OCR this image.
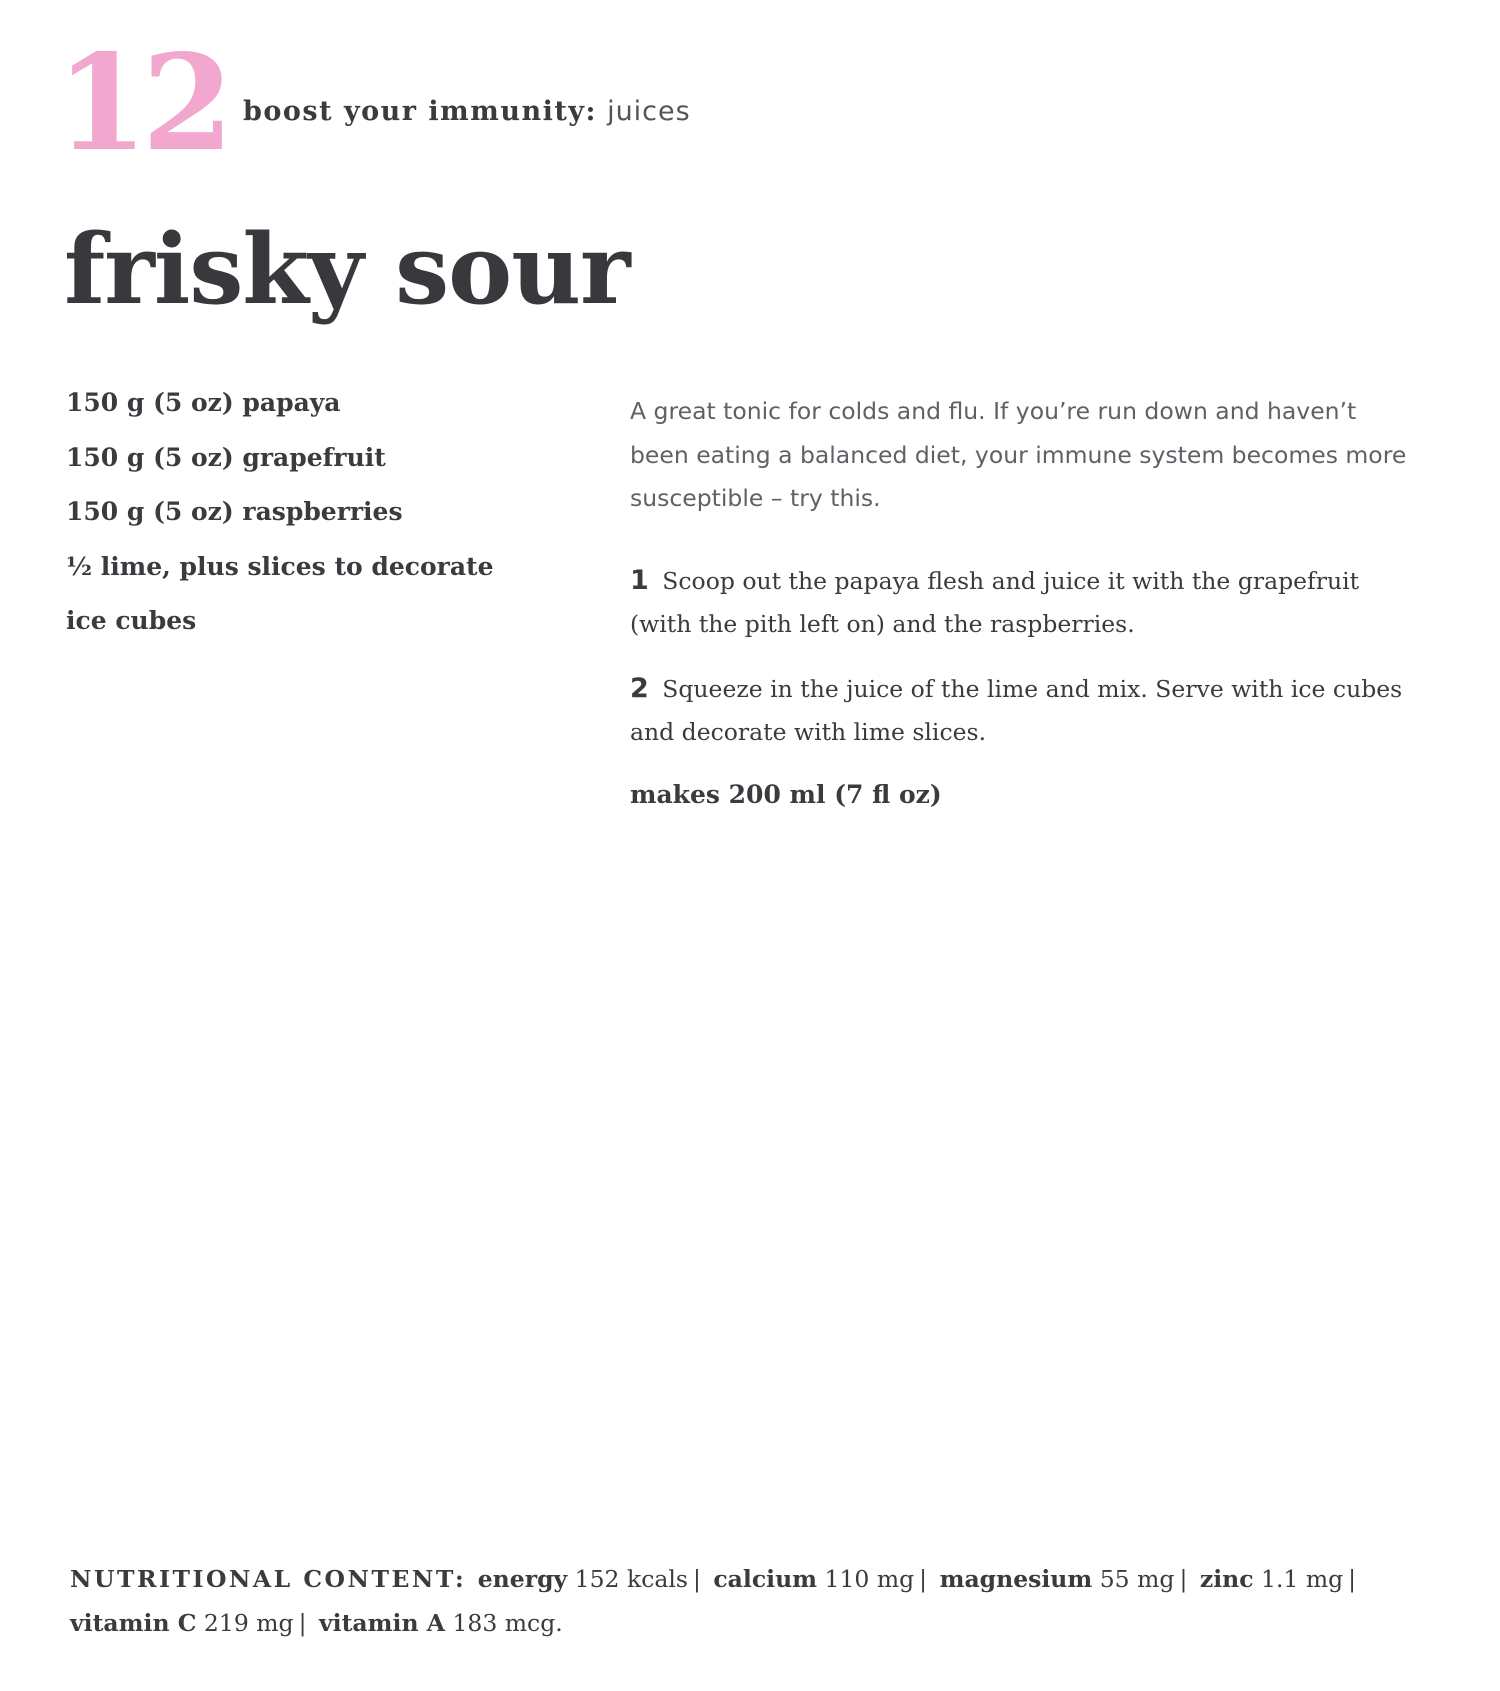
12 boost your immunity: juices
frisky sour
150 g (5 oz) papaya
150 g (5 oz) grapefruit
150 g (5 oz) raspberries
½ lime, plus slices to decorate
ice cubes

A great tonic for colds and flu. If you’re run down and haven’t been eating a balanced diet, your immune system becomes more susceptible – try this.

1 Scoop out the papaya flesh and juice it with the grapefruit (with the pith left on) and the raspberries.

2 Squeeze in the juice of the lime and mix. Serve with ice cubes and decorate with lime slices.

makes 200 ml (7 fl oz)

NUTRITIONAL CONTENT: energy 152 kcals | calcium 110 mg | magnesium 55 mg | zinc 1.1 mg | vitamin C 219 mg | vitamin A 183 mcg.
